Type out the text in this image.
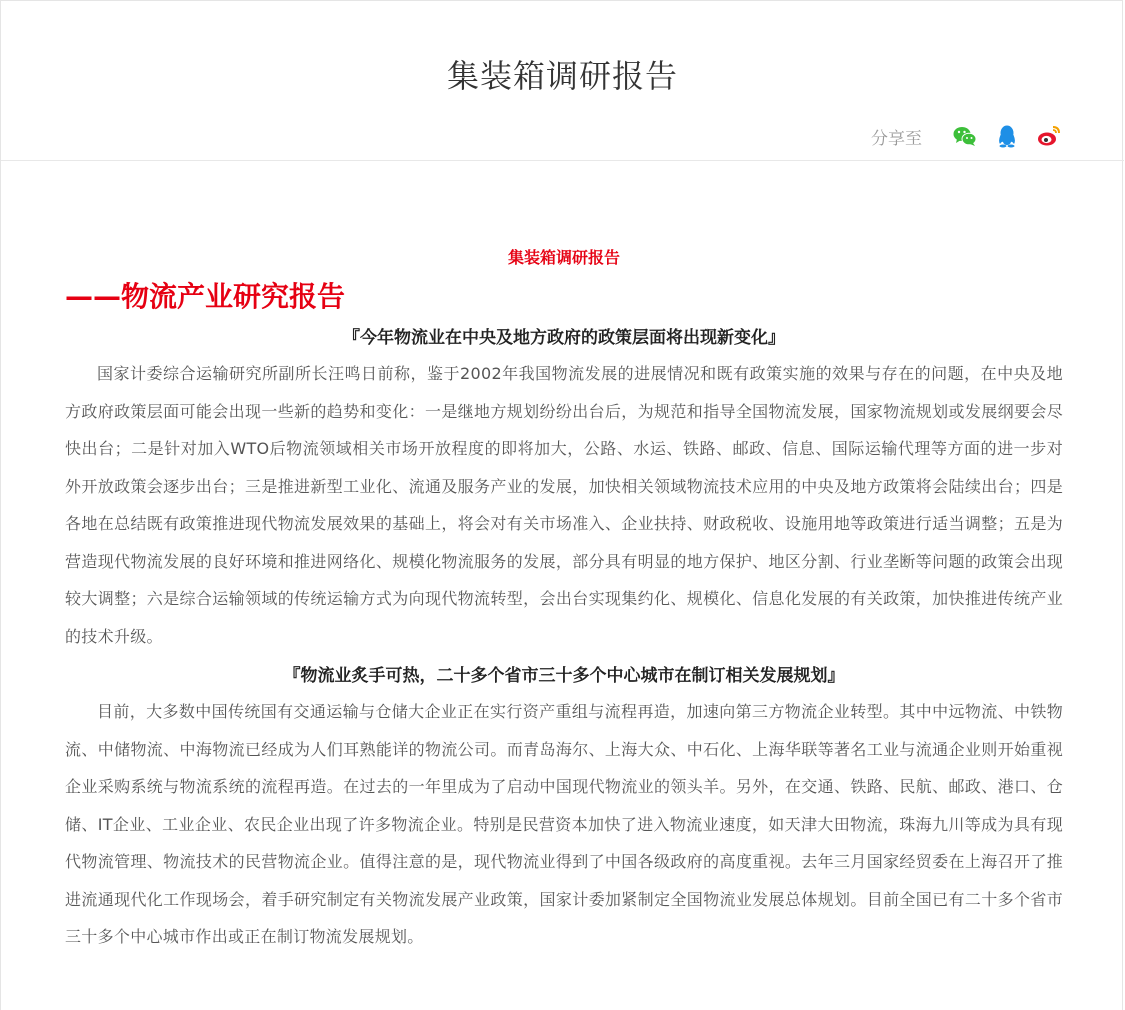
集装箱调研报告
分享至
集装箱调研报告
——物流产业研究报告
『今年物流业在中央及地方政府的政策层面将出现新变化』
国家计委综合运输研究所副所长汪鸣日前称，鉴于2002年我国物流发展的进展情况和既有政策实施的效果与存在的问题，在中央及地方政府政策层面可能会出现一些新的趋势和变化：一是继地方规划纷纷出台后，为规范和指导全国物流发展，国家物流规划或发展纲要会尽快出台；二是针对加入WTO后物流领域相关市场开放程度的即将加大，公路、水运、铁路、邮政、信息、国际运输代理等方面的进一步对外开放政策会逐步出台；三是推进新型工业化、流通及服务产业的发展，加快相关领域物流技术应用的中央及地方政策将会陆续出台；四是各地在总结既有政策推进现代物流发展效果的基础上，将会对有关市场准入、企业扶持、财政税收、设施用地等政策进行适当调整；五是为营造现代物流发展的良好环境和推进网络化、规模化物流服务的发展，部分具有明显的地方保护、地区分割、行业垄断等问题的政策会出现较大调整；六是综合运输领域的传统运输方式为向现代物流转型，会出台实现集约化、规模化、信息化发展的有关政策，加快推进传统产业的技术升级。
『物流业炙手可热，二十多个省市三十多个中心城市在制订相关发展规划』
目前，大多数中国传统国有交通运输与仓储大企业正在实行资产重组与流程再造，加速向第三方物流企业转型。其中中远物流、中铁物流、中储物流、中海物流已经成为人们耳熟能详的物流公司。而青岛海尔、上海大众、中石化、上海华联等著名工业与流通企业则开始重视企业采购系统与物流系统的流程再造。在过去的一年里成为了启动中国现代物流业的领头羊。另外，在交通、铁路、民航、邮政、港口、仓储、IT企业、工业企业、农民企业出现了许多物流企业。特别是民营资本加快了进入物流业速度，如天津大田物流，珠海九川等成为具有现代物流管理、物流技术的民营物流企业。值得注意的是，现代物流业得到了中国各级政府的高度重视。去年三月国家经贸委在上海召开了推进流通现代化工作现场会，着手研究制定有关物流发展产业政策，国家计委加紧制定全国物流业发展总体规划。目前全国已有二十多个省市三十多个中心城市作出或正在制订物流发展规划。
